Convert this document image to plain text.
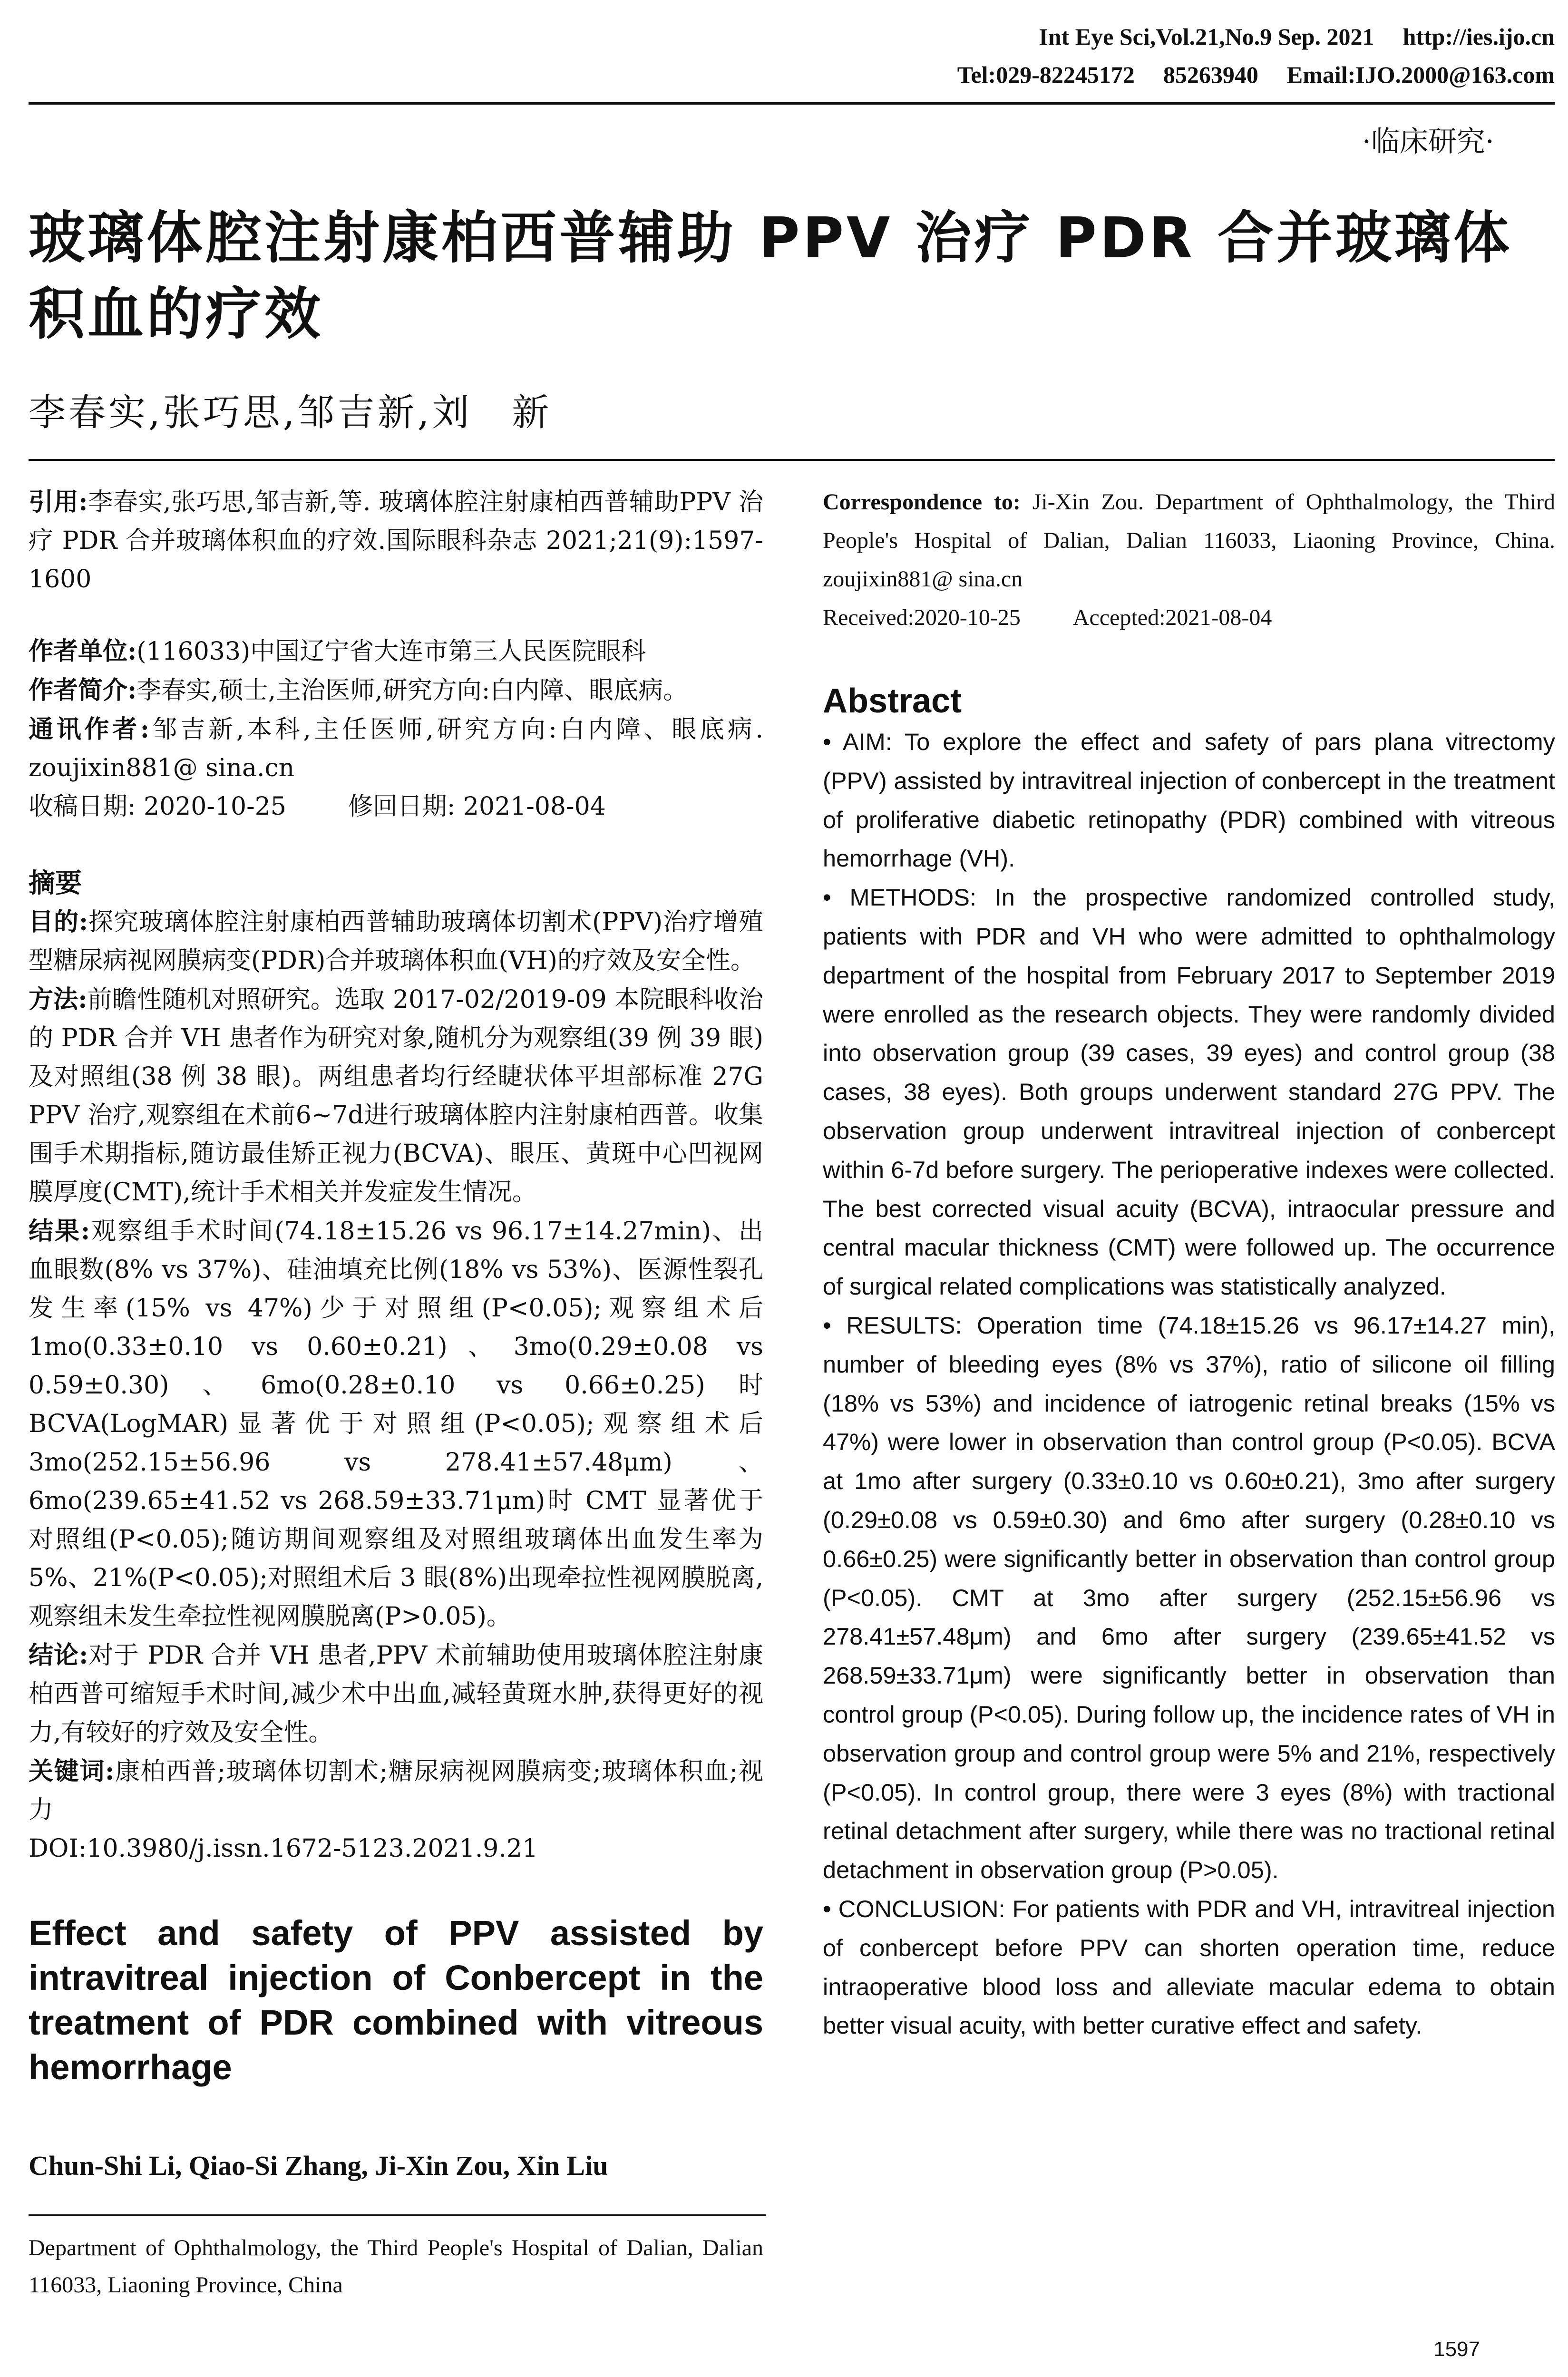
Int Eye Sci,Vol.21,No.9 Sep. 2021 http://ies.ijo.cn
Tel:029-82245172 85263940 Email:IJO.2000@163.com
·临床研究·
玻璃体腔注射康柏西普辅助 PPV 治疗 PDR 合并玻璃体积血的疗效
李春实,张巧思,邹吉新,刘　新

引用:李春实,张巧思,邹吉新,等. 玻璃体腔注射康柏西普辅助PPV 治疗 PDR 合并玻璃体积血的疗效.国际眼科杂志 2021;21(9):1597-1600

作者单位:(116033)中国辽宁省大连市第三人民医院眼科

作者简介:李春实,硕士,主治医师,研究方向:白内障、眼底病。

通讯作者:邹吉新,本科,主任医师,研究方向:白内障、眼底病. zoujixin881@ sina.cn

收稿日期: 2020-10-25	修回日期: 2021-08-04

摘要

目的:探究玻璃体腔注射康柏西普辅助玻璃体切割术(PPV)治疗增殖型糖尿病视网膜病变(PDR)合并玻璃体积血(VH)的疗效及安全性。

方法:前瞻性随机对照研究。选取 2017-02/2019-09 本院眼科收治的 PDR 合并 VH 患者作为研究对象,随机分为观察组(39 例 39 眼)及对照组(38 例 38 眼)。两组患者均行经睫状体平坦部标准 27G PPV 治疗,观察组在术前6~7d进行玻璃体腔内注射康柏西普。收集围手术期指标,随访最佳矫正视力(BCVA)、眼压、黄斑中心凹视网膜厚度(CMT),统计手术相关并发症发生情况。

结果:观察组手术时间(74.18±15.26 vs 96.17±14.27min)、出血眼数(8% vs 37%)、硅油填充比例(18% vs 53%)、医源性裂孔发生率(15% vs 47%)少于对照组(P<0.05);观察组术后 1mo(0.33±0.10 vs 0.60±0.21)、3mo(0.29±0.08 vs 0.59±0.30)、6mo(0.28±0.10 vs 0.66±0.25)时 BCVA(LogMAR)显著优于对照组(P<0.05);观察组术后 3mo(252.15±56.96 vs 278.41±57.48μm)、6mo(239.65±41.52 vs 268.59±33.71μm)时 CMT 显著优于对照组(P<0.05);随访期间观察组及对照组玻璃体出血发生率为 5%、21%(P<0.05);对照组术后 3 眼(8%)出现牵拉性视网膜脱离,观察组未发生牵拉性视网膜脱离(P>0.05)。

结论:对于 PDR 合并 VH 患者,PPV 术前辅助使用玻璃体腔注射康柏西普可缩短手术时间,减少术中出血,减轻黄斑水肿,获得更好的视力,有较好的疗效及安全性。

关键词:康柏西普;玻璃体切割术;糖尿病视网膜病变;玻璃体积血;视力

DOI:10.3980/j.issn.1672-5123.2021.9.21

Effect and safety of PPV assisted by intravitreal injection of Conbercept in the treatment of PDR combined with vitreous hemorrhage
Chun-Shi Li, Qiao-Si Zhang, Ji-Xin Zou, Xin Liu
Department of Ophthalmology, the Third People's Hospital of Dalian, Dalian 116033, Liaoning Province, China

Correspondence to: Ji-Xin Zou. Department of Ophthalmology, the Third People's Hospital of Dalian, Dalian 116033, Liaoning Province, China. zoujixin881@ sina.cn

Received:2020-10-25 Accepted:2021-08-04

Abstract

• AIM: To explore the effect and safety of pars plana vitrectomy (PPV) assisted by intravitreal injection of conbercept in the treatment of proliferative diabetic retinopathy (PDR) combined with vitreous hemorrhage (VH).

• METHODS: In the prospective randomized controlled study, patients with PDR and VH who were admitted to ophthalmology department of the hospital from February 2017 to September 2019 were enrolled as the research objects. They were randomly divided into observation group (39 cases, 39 eyes) and control group (38 cases, 38 eyes). Both groups underwent standard 27G PPV. The observation group underwent intravitreal injection of conbercept within 6-7d before surgery. The perioperative indexes were collected. The best corrected visual acuity (BCVA), intraocular pressure and central macular thickness (CMT) were followed up. The occurrence of surgical related complications was statistically analyzed.

• RESULTS: Operation time (74.18±15.26 vs 96.17±14.27 min), number of bleeding eyes (8% vs 37%), ratio of silicone oil filling (18% vs 53%) and incidence of iatrogenic retinal breaks (15% vs 47%) were lower in observation than control group (P<0.05). BCVA at 1mo after surgery (0.33±0.10 vs 0.60±0.21), 3mo after surgery (0.29±0.08 vs 0.59±0.30) and 6mo after surgery (0.28±0.10 vs 0.66±0.25) were significantly better in observation than control group (P<0.05). CMT at 3mo after surgery (252.15±56.96 vs 278.41±57.48μm) and 6mo after surgery (239.65±41.52 vs 268.59±33.71μm) were significantly better in observation than control group (P<0.05). During follow up, the incidence rates of VH in observation group and control group were 5% and 21%, respectively (P<0.05). In control group, there were 3 eyes (8%) with tractional retinal detachment after surgery, while there was no tractional retinal detachment in observation group (P>0.05).

• CONCLUSION: For patients with PDR and VH, intravitreal injection of conbercept before PPV can shorten operation time, reduce intraoperative blood loss and alleviate macular edema to obtain better visual acuity, with better curative effect and safety.

1597
